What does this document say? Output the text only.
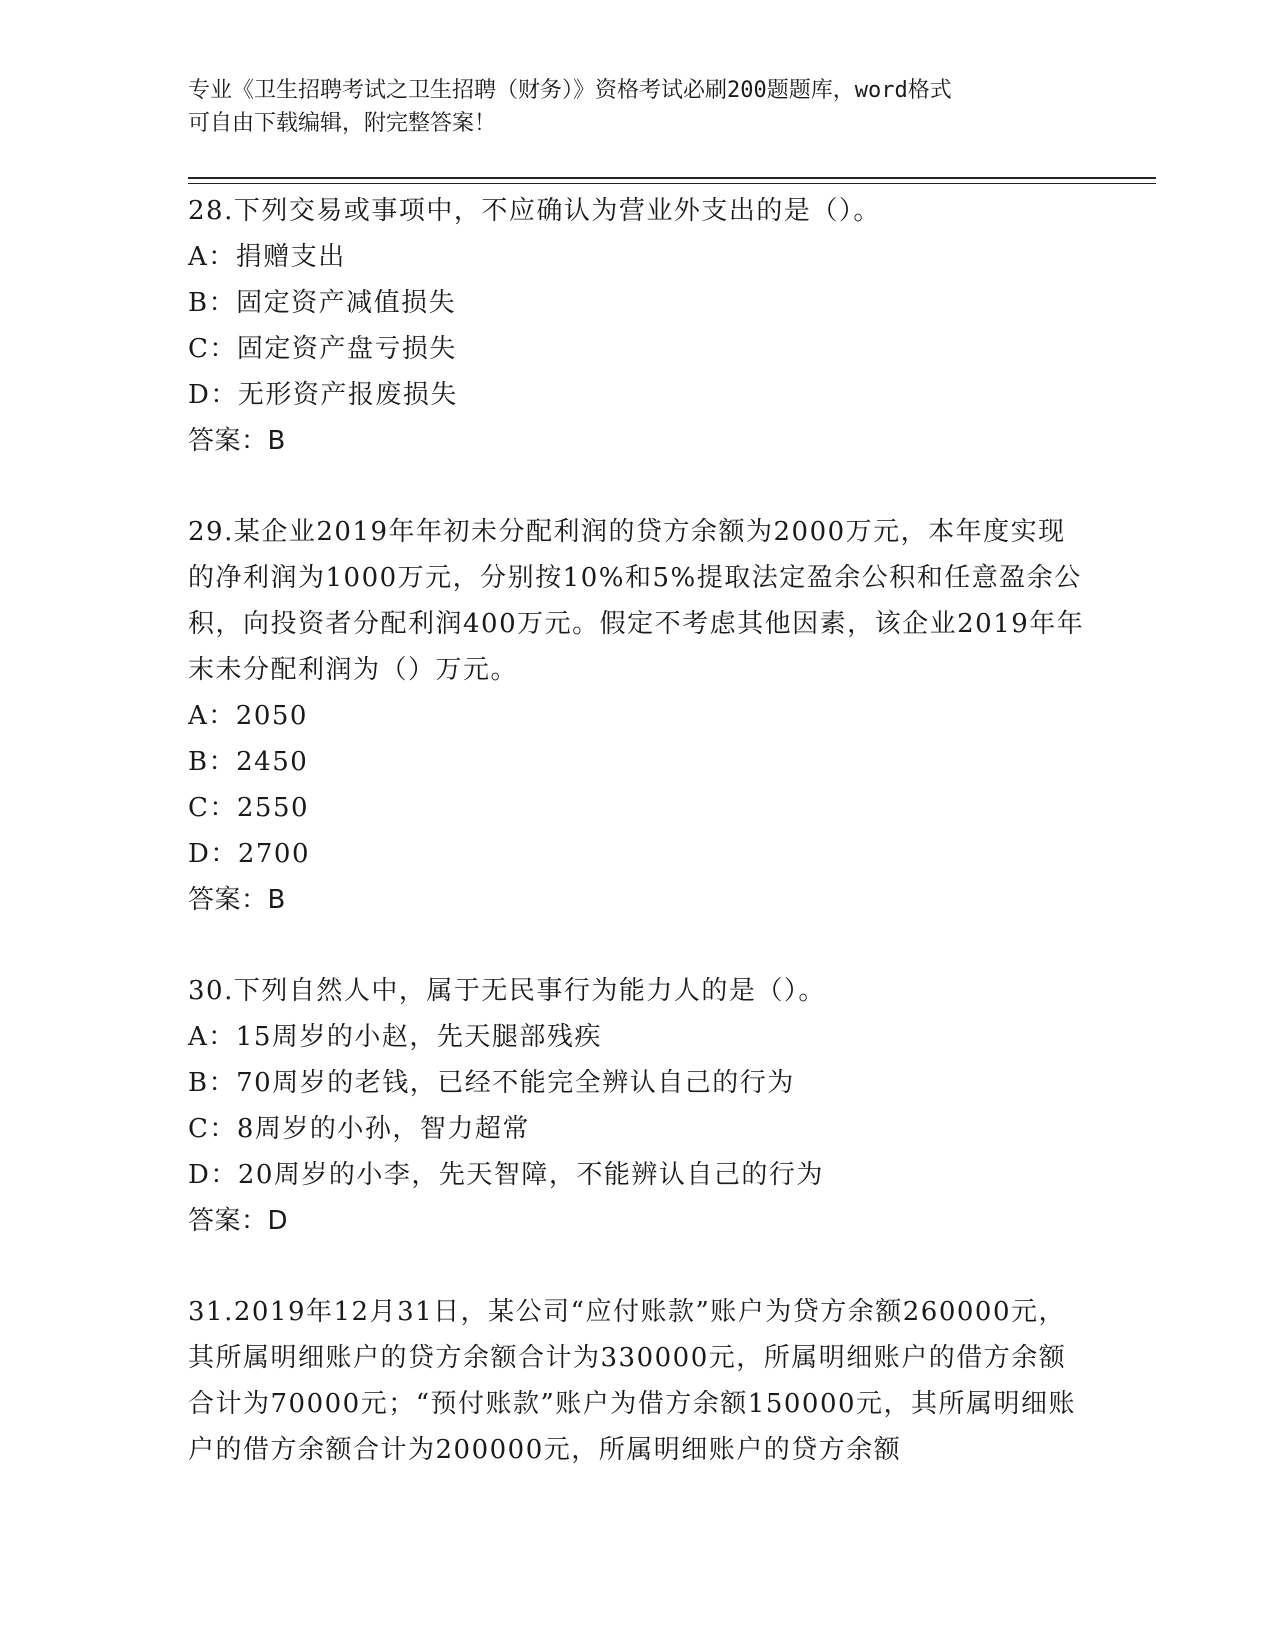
专业《卫生招聘考试之卫生招聘（财务）》资格考试必刷200题题库，word格式
可自由下载编辑，附完整答案！

28.下列交易或事项中，不应确认为营业外支出的是（）。

A：捐赠支出

B：固定资产减值损失

C：固定资产盘亏损失

D：无形资产报废损失

答案：B

29.某企业2019年年初未分配利润的贷方余额为2000万元，本年度实现的净利润为1000万元，分别按10%和5%提取法定盈余公积和任意盈余公积，向投资者分配利润400万元。假定不考虑其他因素，该企业2019年年末未分配利润为（）万元。

A：2050

B：2450

C：2550

D：2700

答案：B

30.下列自然人中，属于无民事行为能力人的是（）。

A：15周岁的小赵，先天腿部残疾

B：70周岁的老钱，已经不能完全辨认自己的行为

C：8周岁的小孙，智力超常

D：20周岁的小李，先天智障，不能辨认自己的行为

答案：D

31.2019年12月31日，某公司“应付账款”账户为贷方余额260000元，其所属明细账户的贷方余额合计为330000元，所属明细账户的借方余额合计为70000元；“预付账款”账户为借方余额150000元，其所属明细账户的借方余额合计为200000元，所属明细账户的贷方余额
